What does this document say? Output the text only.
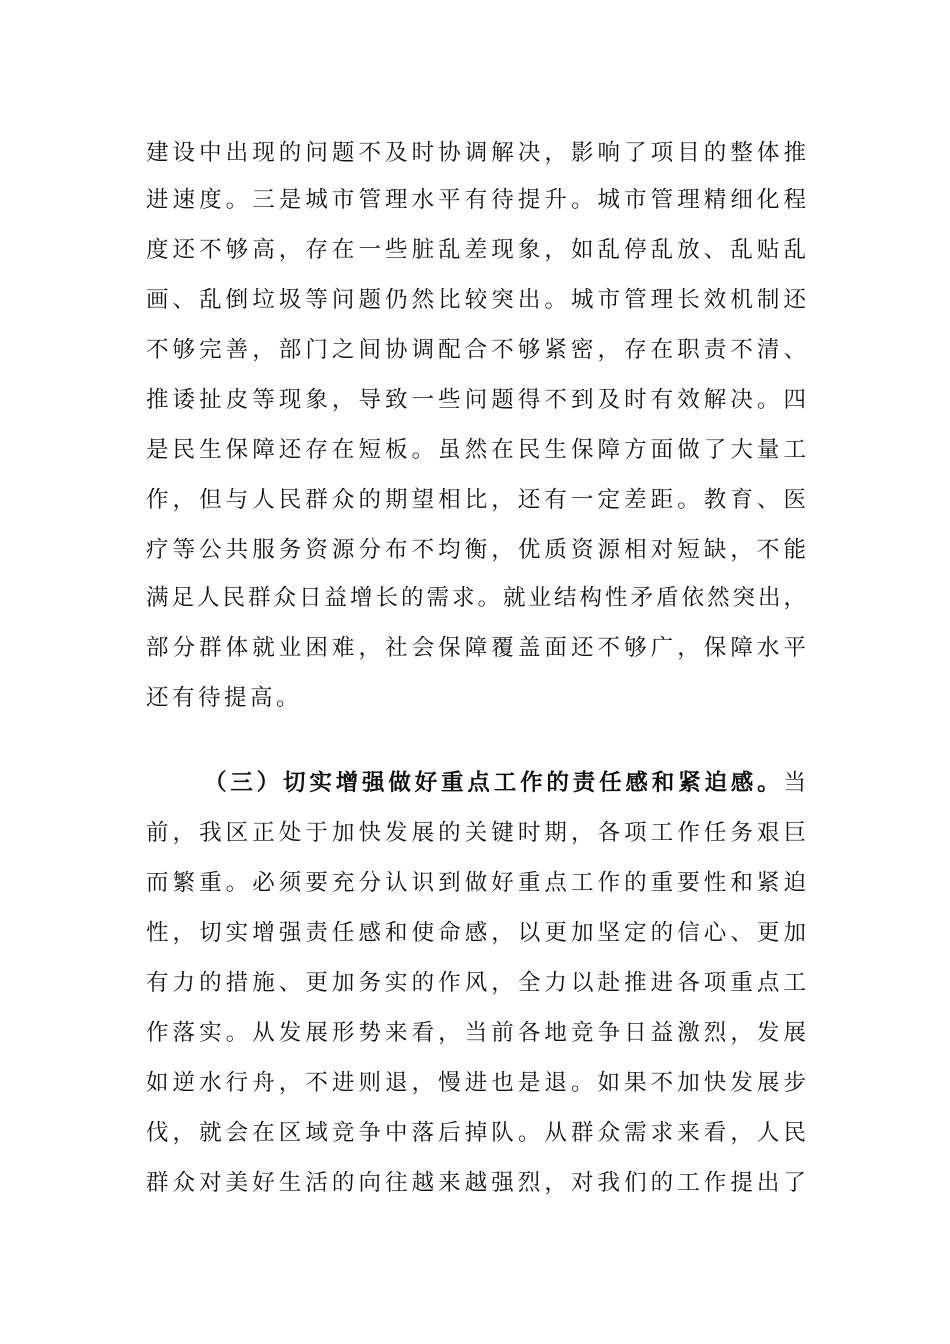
建设中出现的问题不及时协调解决，影响了项目的整体推
进速度。三是城市管理水平有待提升。城市管理精细化程
度还不够高，存在一些脏乱差现象，如乱停乱放、乱贴乱
画、乱倒垃圾等问题仍然比较突出。城市管理长效机制还
不够完善，部门之间协调配合不够紧密，存在职责不清、
推诿扯皮等现象，导致一些问题得不到及时有效解决。四
是民生保障还存在短板。虽然在民生保障方面做了大量工
作，但与人民群众的期望相比，还有一定差距。教育、医
疗等公共服务资源分布不均衡，优质资源相对短缺，不能
满足人民群众日益增长的需求。就业结构性矛盾依然突出，
部分群体就业困难，社会保障覆盖面还不够广，保障水平
还有待提高。
（三）切实增强做好重点工作的责任感和紧迫感。当
前，我区正处于加快发展的关键时期，各项工作任务艰巨
而繁重。必须要充分认识到做好重点工作的重要性和紧迫
性，切实增强责任感和使命感，以更加坚定的信心、更加
有力的措施、更加务实的作风，全力以赴推进各项重点工
作落实。从发展形势来看，当前各地竞争日益激烈，发展
如逆水行舟，不进则退，慢进也是退。如果不加快发展步
伐，就会在区域竞争中落后掉队。从群众需求来看，人民
群众对美好生活的向往越来越强烈，对我们的工作提出了
